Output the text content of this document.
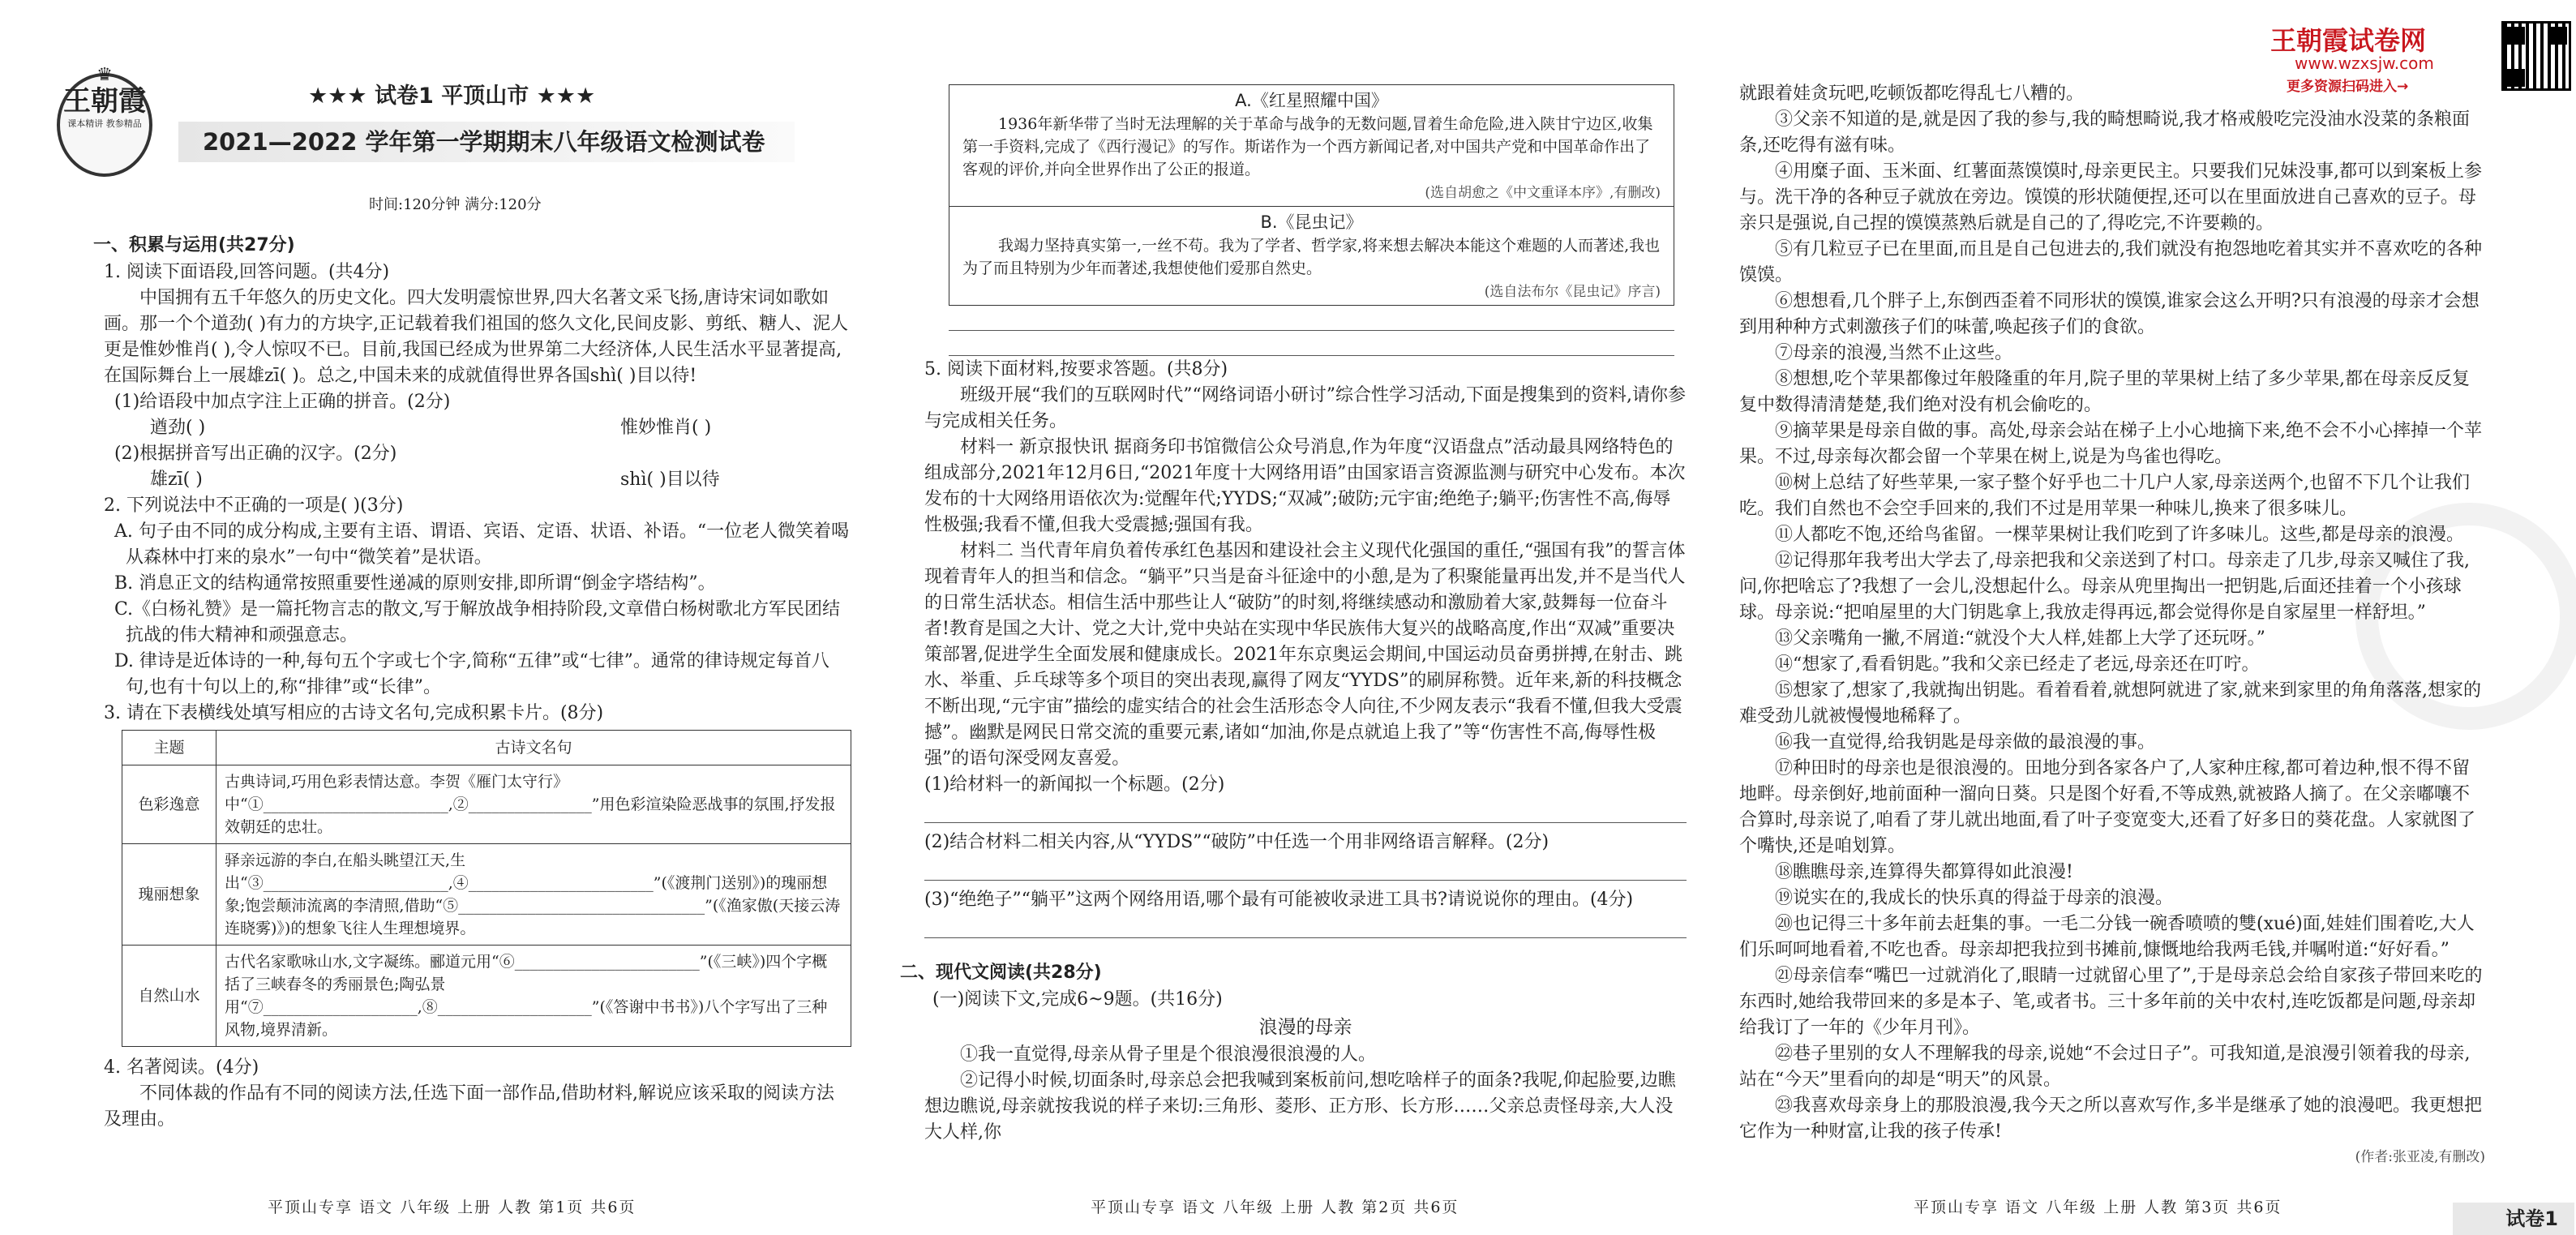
♛
王朝霞
课本精讲 教参精品
★★★ 试卷1 平顶山市 ★★★
2021—2022 学年第一学期期末八年级语文检测试卷
时间:120分钟 满分:120分

一、积累与运用(共27分)

1. 阅读下面语段,回答问题。(共4分)

中国拥有五千年悠久的历史文化。四大发明震惊世界,四大名著文采飞扬,唐诗宋词如歌如画。那一个个道劲( )有力的方块字,正记载着我们祖国的悠久文化,民间皮影、剪纸、糖人、泥人更是惟妙惟肖( ),令人惊叹不已。目前,我国已经成为世界第二大经济体,人民生活水平显著提高,在国际舞台上一展雄zī( )。总之,中国未来的成就值得世界各国shì( )目以待!

(1)给语段中加点字注上正确的拼音。(2分)

遒劲( )	惟妙惟肖( )

(2)根据拼音写出正确的汉字。(2分)

雄zī( )	shì( )目以待

2. 下列说法中不正确的一项是( )(3分)

A. 句子由不同的成分构成,主要有主语、谓语、宾语、定语、状语、补语。“一位老人微笑着喝从森林中打来的泉水”一句中“微笑着”是状语。

B. 消息正文的结构通常按照重要性递减的原则安排,即所谓“倒金字塔结构”。

C.《白杨礼赞》是一篇托物言志的散文,写于解放战争相持阶段,文章借白杨树歌北方军民团结抗战的伟大精神和顽强意志。

D. 律诗是近体诗的一种,每句五个字或七个字,简称“五律”或“七律”。通常的律诗规定每首八句,也有十句以上的,称“排律”或“长律”。

3. 请在下表横线处填写相应的古诗文名句,完成积累卡片。(8分)

主题	古诗文名句
色彩逸意	古典诗词,巧用色彩表情达意。李贺《雁门太守行》中“①________________________,②________________”用色彩渲染险恶战事的氛围,抒发报效朝廷的忠壮。
瑰丽想象	驿亲远游的李白,在船头眺望江天,生出“③________________________,④________________________”(《渡荆门送别》)的瑰丽想象;饱尝颠沛流离的李清照,借助“⑤________________________________”(《渔家傲(天接云涛连晓雾)》)的想象飞往人生理想境界。
自然山水	古代名家歌咏山水,文字凝练。郦道元用“⑥________________________”(《三峡》)四个字概括了三峡春冬的秀丽景色;陶弘景用“⑦____________________,⑧____________________”(《答谢中书书》)八个字写出了三种风物,境界清新。

4. 名著阅读。(4分)

不同体裁的作品有不同的阅读方法,任选下面一部作品,借助材料,解说应该采取的阅读方法及理由。

平顶山专享 语文 八年级 上册 人教 第1页 共6页

A.《红星照耀中国》

1936年新华带了当时无法理解的关于革命与战争的无数问题,冒着生命危险,进入陕甘宁边区,收集第一手资料,完成了《西行漫记》的写作。斯诺作为一个西方新闻记者,对中国共产党和中国革命作出了客观的评价,并向全世界作出了公正的报道。

(选自胡愈之《中文重译本序》,有删改)

B.《昆虫记》

我竭力坚持真实第一,一丝不苟。我为了学者、哲学家,将来想去解决本能这个难题的人而著述,我也为了而且特别为少年而著述,我想使他们爱那自然史。

(选自法布尔《昆虫记》序言)

5. 阅读下面材料,按要求答题。(共8分)

班级开展“我们的互联网时代”“网络词语小研讨”综合性学习活动,下面是搜集到的资料,请你参与完成相关任务。

材料一 新京报快讯 据商务印书馆微信公众号消息,作为年度“汉语盘点”活动最具网络特色的组成部分,2021年12月6日,“2021年度十大网络用语”由国家语言资源监测与研究中心发布。本次发布的十大网络用语依次为:觉醒年代;YYDS;“双减”;破防;元宇宙;绝绝子;躺平;伤害性不高,侮辱性极强;我看不懂,但我大受震撼;强国有我。

材料二 当代青年肩负着传承红色基因和建设社会主义现代化强国的重任,“强国有我”的誓言体现着青年人的担当和信念。“躺平”只当是奋斗征途中的小憩,是为了积聚能量再出发,并不是当代人的日常生活状态。相信生活中那些让人“破防”的时刻,将继续感动和激励着大家,鼓舞每一位奋斗者!教育是国之大计、党之大计,党中央站在实现中华民族伟大复兴的战略高度,作出“双减”重要决策部署,促进学生全面发展和健康成长。2021年东京奥运会期间,中国运动员奋勇拼搏,在射击、跳水、举重、乒乓球等多个项目的突出表现,赢得了网友“YYDS”的刷屏称赞。近年来,新的科技概念不断出现,“元宇宙”描绘的虚实结合的社会生活形态令人向往,不少网友表示“我看不懂,但我大受震撼”。幽默是网民日常交流的重要元素,诸如“加油,你是点就追上我了”等“伤害性不高,侮辱性极强”的语句深受网友喜爱。

(1)给材料一的新闻拟一个标题。(2分)

(2)结合材料二相关内容,从“YYDS”“破防”中任选一个用非网络语言解释。(2分)

(3)“绝绝子”“躺平”这两个网络用语,哪个最有可能被收录进工具书?请说说你的理由。(4分)

二、现代文阅读(共28分)

(一)阅读下文,完成6~9题。(共16分)

浪漫的母亲

①我一直觉得,母亲从骨子里是个很浪漫很浪漫的人。

②记得小时候,切面条时,母亲总会把我喊到案板前问,想吃啥样子的面条?我呢,仰起脸要,边瞧想边瞧说,母亲就按我说的样子来切:三角形、菱形、正方形、长方形……父亲总责怪母亲,大人没大人样,你

平顶山专享 语文 八年级 上册 人教 第2页 共6页
王朝霞试卷网
www.wzxsjw.com
更多资源扫码进入→

就跟着娃贪玩吧,吃顿饭都吃得乱七八糟的。

③父亲不知道的是,就是因了我的参与,我的畸想畸说,我才格戒般吃完没油水没菜的条粮面条,还吃得有滋有味。

④用糜子面、玉米面、红薯面蒸馍馍时,母亲更民主。只要我们兄妹没事,都可以到案板上参与。洗干净的各种豆子就放在旁边。馍馍的形状随便捏,还可以在里面放进自己喜欢的豆子。母亲只是强说,自己捏的馍馍蒸熟后就是自己的了,得吃完,不许要赖的。

⑤有几粒豆子已在里面,而且是自己包进去的,我们就没有抱怨地吃着其实并不喜欢吃的各种馍馍。

⑥想想看,几个胖子上,东倒西歪着不同形状的馍馍,谁家会这么开明?只有浪漫的母亲才会想到用种种方式刺激孩子们的味蕾,唤起孩子们的食欲。

⑦母亲的浪漫,当然不止这些。

⑧想想,吃个苹果都像过年般隆重的年月,院子里的苹果树上结了多少苹果,都在母亲反反复复中数得清清楚楚,我们绝对没有机会偷吃的。

⑨摘苹果是母亲自做的事。高处,母亲会站在梯子上小心地摘下来,绝不会不小心摔掉一个苹果。不过,母亲每次都会留一个苹果在树上,说是为鸟雀也得吃。

⑩树上总结了好些苹果,一家子整个好乎也二十几户人家,母亲送两个,也留不下几个让我们吃。我们自然也不会空手回来的,我们不过是用苹果一种味儿,换来了很多味儿。

⑪人都吃不饱,还给鸟雀留。一棵苹果树让我们吃到了许多味儿。这些,都是母亲的浪漫。

⑫记得那年我考出大学去了,母亲把我和父亲送到了村口。母亲走了几步,母亲又喊住了我,问,你把啥忘了?我想了一会儿,没想起什么。母亲从兜里掏出一把钥匙,后面还挂着一个小孩球球。母亲说:“把咱屋里的大门钥匙拿上,我放走得再远,都会觉得你是自家屋里一样舒坦。”

⑬父亲嘴角一撇,不屑道:“就没个大人样,娃都上大学了还玩呀。”

⑭“想家了,看看钥匙。”我和父亲已经走了老远,母亲还在叮咛。

⑮想家了,想家了,我就掏出钥匙。看着看着,就想阿就进了家,就来到家里的角角落落,想家的难受劲儿就被慢慢地稀释了。

⑯我一直觉得,给我钥匙是母亲做的最浪漫的事。

⑰种田时的母亲也是很浪漫的。田地分到各家各户了,人家种庄稼,都可着边种,恨不得不留地畔。母亲倒好,地前面种一溜向日葵。只是图个好看,不等成熟,就被路人摘了。在父亲嘟嚷不合算时,母亲说了,咱看了芽儿就出地面,看了叶子变宽变大,还看了好多日的葵花盘。人家就图了个嘴快,还是咱划算。

⑱瞧瞧母亲,连算得失都算得如此浪漫!

⑲说实在的,我成长的快乐真的得益于母亲的浪漫。

⑳也记得三十多年前去赶集的事。一毛二分钱一碗香喷喷的雙(xué)面,娃娃们围着吃,大人们乐呵呵地看着,不吃也香。母亲却把我拉到书摊前,慷慨地给我两毛钱,并嘱咐道:“好好看。”

㉑母亲信奉“嘴巴一过就消化了,眼睛一过就留心里了”,于是母亲总会给自家孩子带回来吃的东西时,她给我带回来的多是本子、笔,或者书。三十多年前的关中农村,连吃饭都是问题,母亲却给我订了一年的《少年月刊》。

㉒巷子里别的女人不理解我的母亲,说她“不会过日子”。可我知道,是浪漫引领着我的母亲,站在“今天”里看向的却是“明天”的风景。

㉓我喜欢母亲身上的那股浪漫,我今天之所以喜欢写作,多半是继承了她的浪漫吧。我更想把它作为一种财富,让我的孩子传承!

(作者:张亚凌,有删改)

平顶山专享 语文 八年级 上册 人教 第3页 共6页	试卷1
